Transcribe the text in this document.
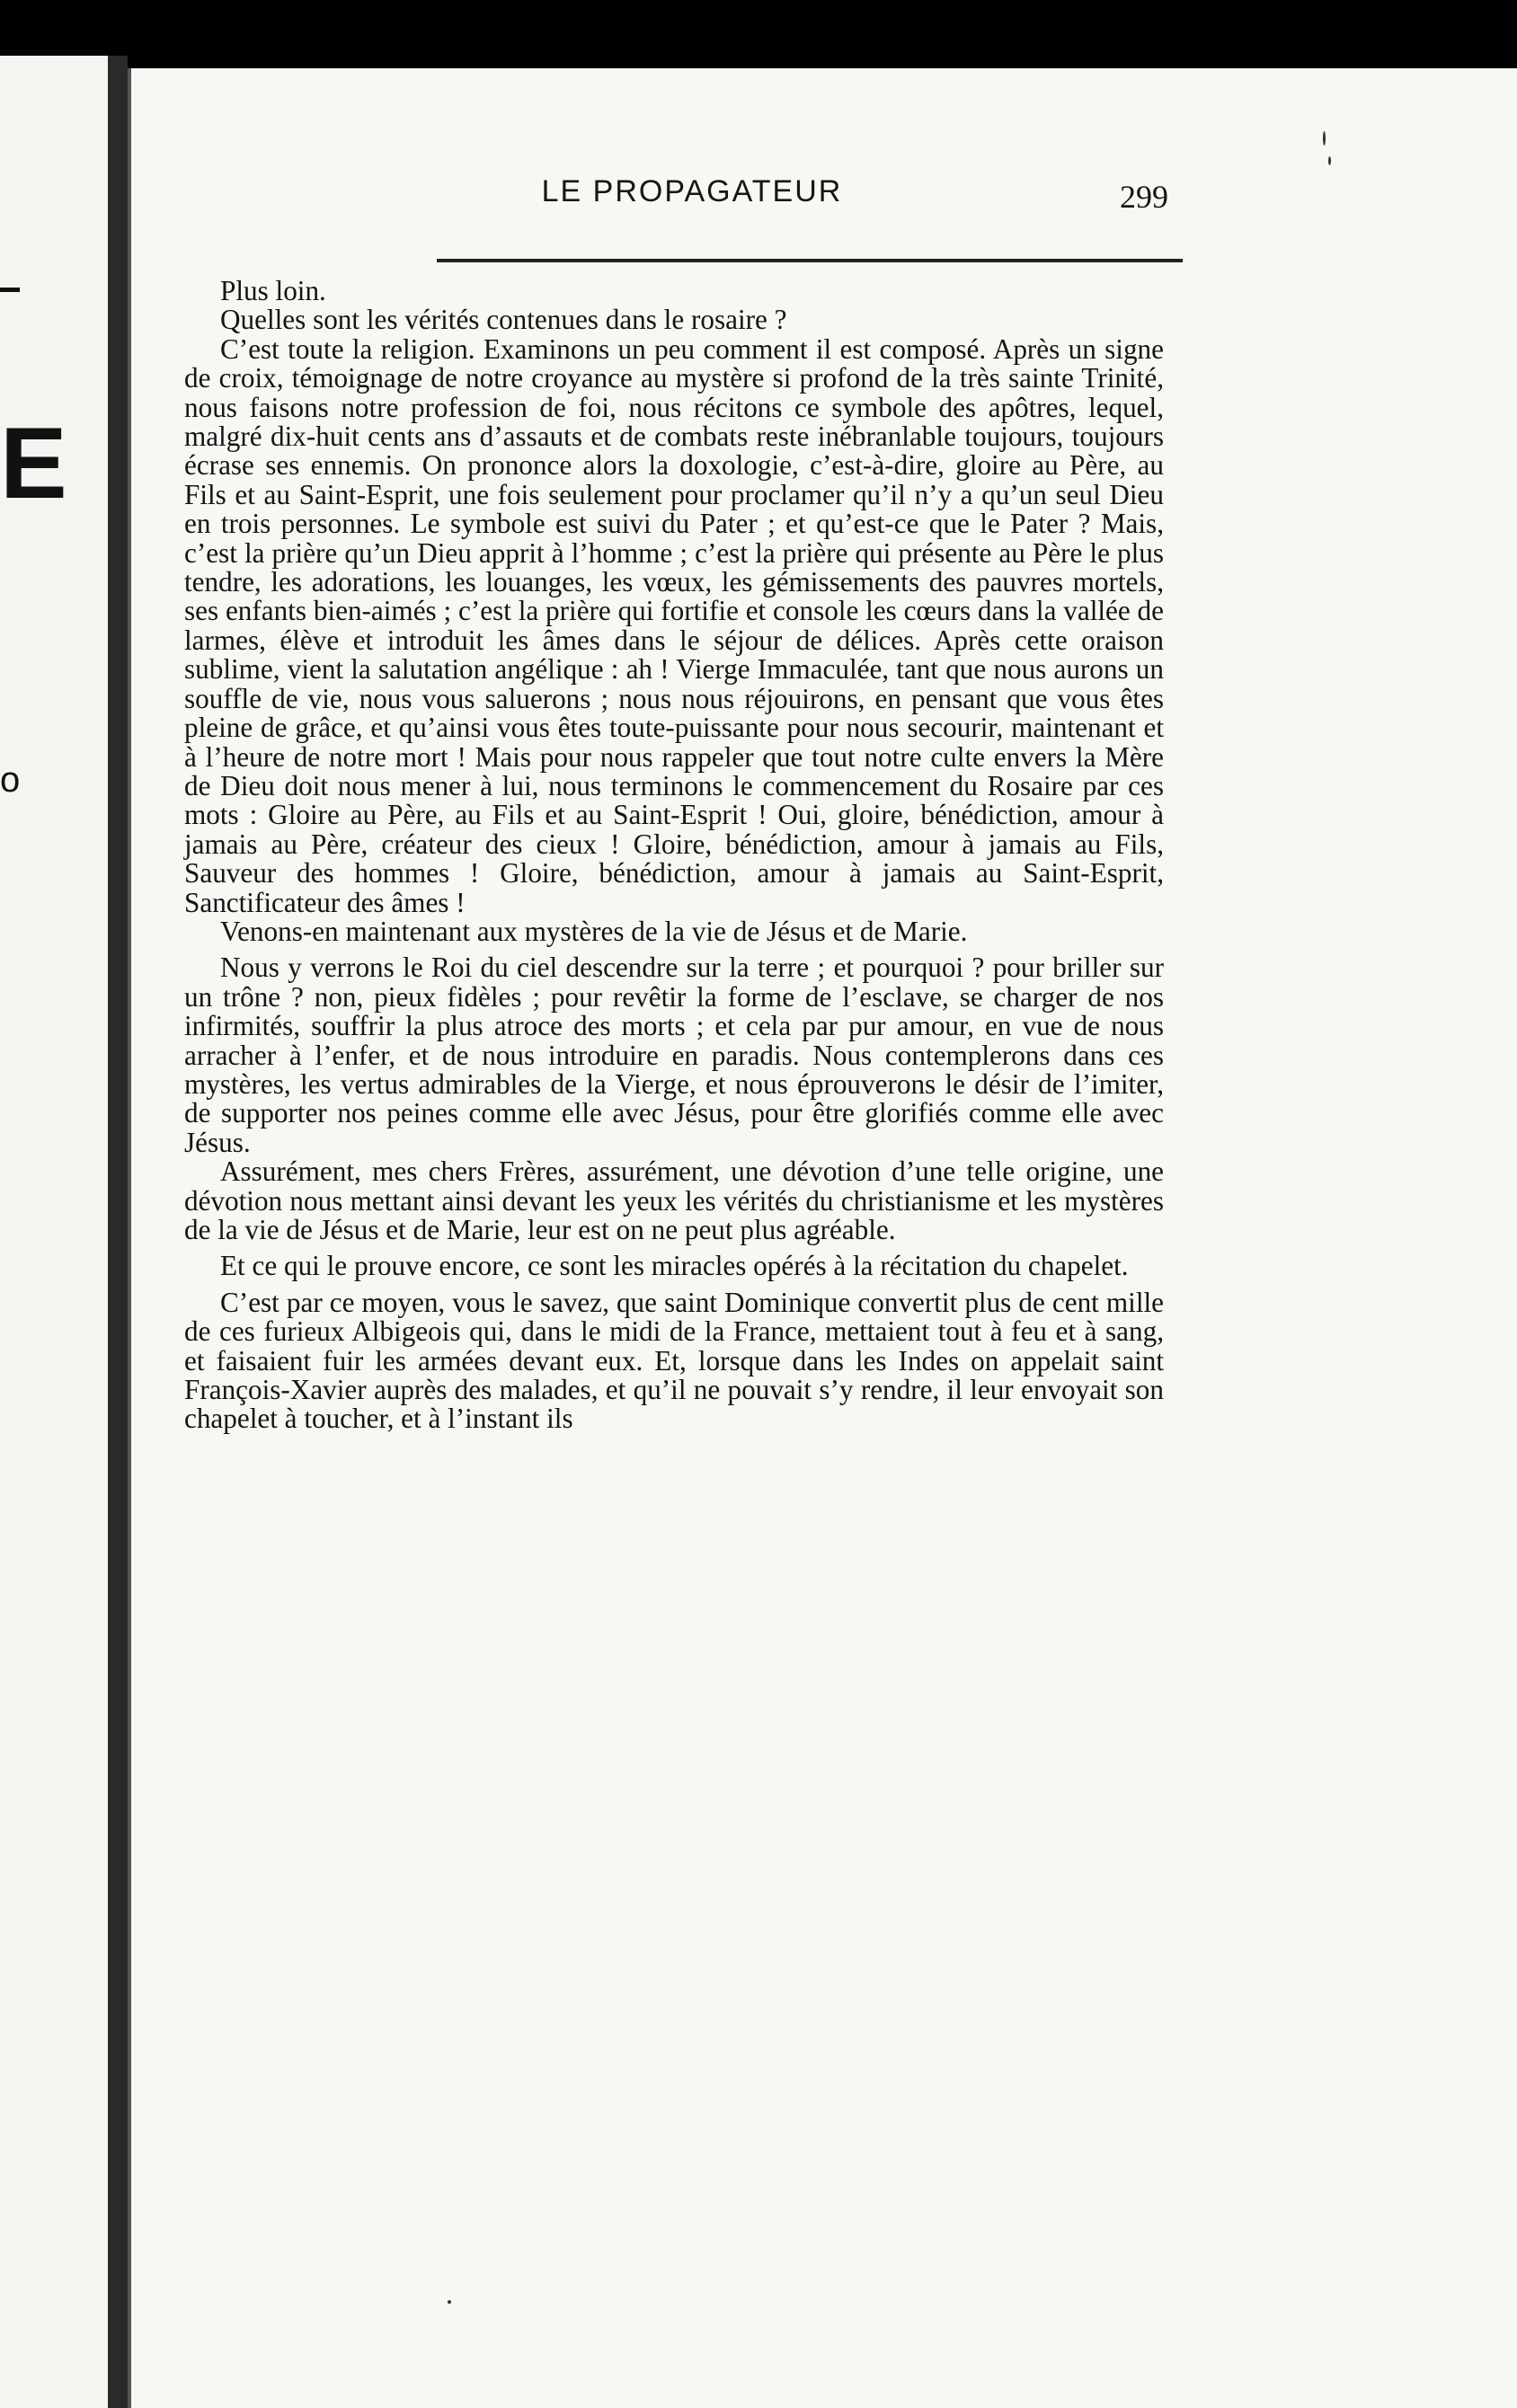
E
o
LE PROPAGATEUR	299

Plus loin.

Quelles sont les vérités contenues dans le rosaire ?

C’est toute la religion. Examinons un peu comment il est composé. Après un signe de croix, témoignage de notre croyance au mystère si profond de la très sainte Trinité, nous faisons notre profession de foi, nous récitons ce symbole des apôtres, lequel, malgré dix-huit cents ans d’assauts et de combats reste inébranlable toujours, toujours écrase ses ennemis. On prononce alors la doxologie, c’est-à-dire, gloire au Père, au Fils et au Saint-Esprit, une fois seulement pour proclamer qu’il n’y a qu’un seul Dieu en trois personnes. Le symbole est suivi du Pater ; et qu’est-ce que le Pater ? Mais, c’est la prière qu’un Dieu apprit à l’homme ; c’est la prière qui présente au Père le plus tendre, les adorations, les louanges, les vœux, les gémissements des pauvres mortels, ses enfants bien-aimés ; c’est la prière qui fortifie et console les cœurs dans la vallée de larmes, élève et introduit les âmes dans le séjour de délices. Après cette oraison sublime, vient la salutation angélique : ah ! Vierge Immaculée, tant que nous aurons un souffle de vie, nous vous saluerons ; nous nous réjouirons, en pensant que vous êtes pleine de grâce, et qu’ainsi vous êtes toute-puissante pour nous secourir, maintenant et à l’heure de notre mort ! Mais pour nous rappeler que tout notre culte envers la Mère de Dieu doit nous mener à lui, nous terminons le commencement du Rosaire par ces mots : Gloire au Père, au Fils et au Saint-Esprit ! Oui, gloire, bénédiction, amour à jamais au Père, créateur des cieux ! Gloire, bénédiction, amour à jamais au Fils, Sauveur des hommes ! Gloire, bénédiction, amour à jamais au Saint-Esprit, Sanctificateur des âmes !

Venons-en maintenant aux mystères de la vie de Jésus et de Marie.

Nous y verrons le Roi du ciel descendre sur la terre ; et pourquoi ? pour briller sur un trône ? non, pieux fidèles ; pour revêtir la forme de l’esclave, se charger de nos infirmités, souffrir la plus atroce des morts ; et cela par pur amour, en vue de nous arracher à l’enfer, et de nous introduire en paradis. Nous contemplerons dans ces mystères, les vertus admirables de la Vierge, et nous éprouverons le désir de l’imiter, de supporter nos peines comme elle avec Jésus, pour être glorifiés comme elle avec Jésus.

Assurément, mes chers Frères, assurément, une dévotion d’une telle origine, une dévotion nous mettant ainsi devant les yeux les vérités du christianisme et les mystères de la vie de Jésus et de Marie, leur est on ne peut plus agréable.

Et ce qui le prouve encore, ce sont les miracles opérés à la récitation du chapelet.

C’est par ce moyen, vous le savez, que saint Dominique convertit plus de cent mille de ces furieux Albigeois qui, dans le midi de la France, mettaient tout à feu et à sang, et faisaient fuir les armées devant eux. Et, lorsque dans les Indes on appelait saint François-Xavier auprès des malades, et qu’il ne pouvait s’y rendre, il leur envoyait son chapelet à toucher, et à l’instant ils
